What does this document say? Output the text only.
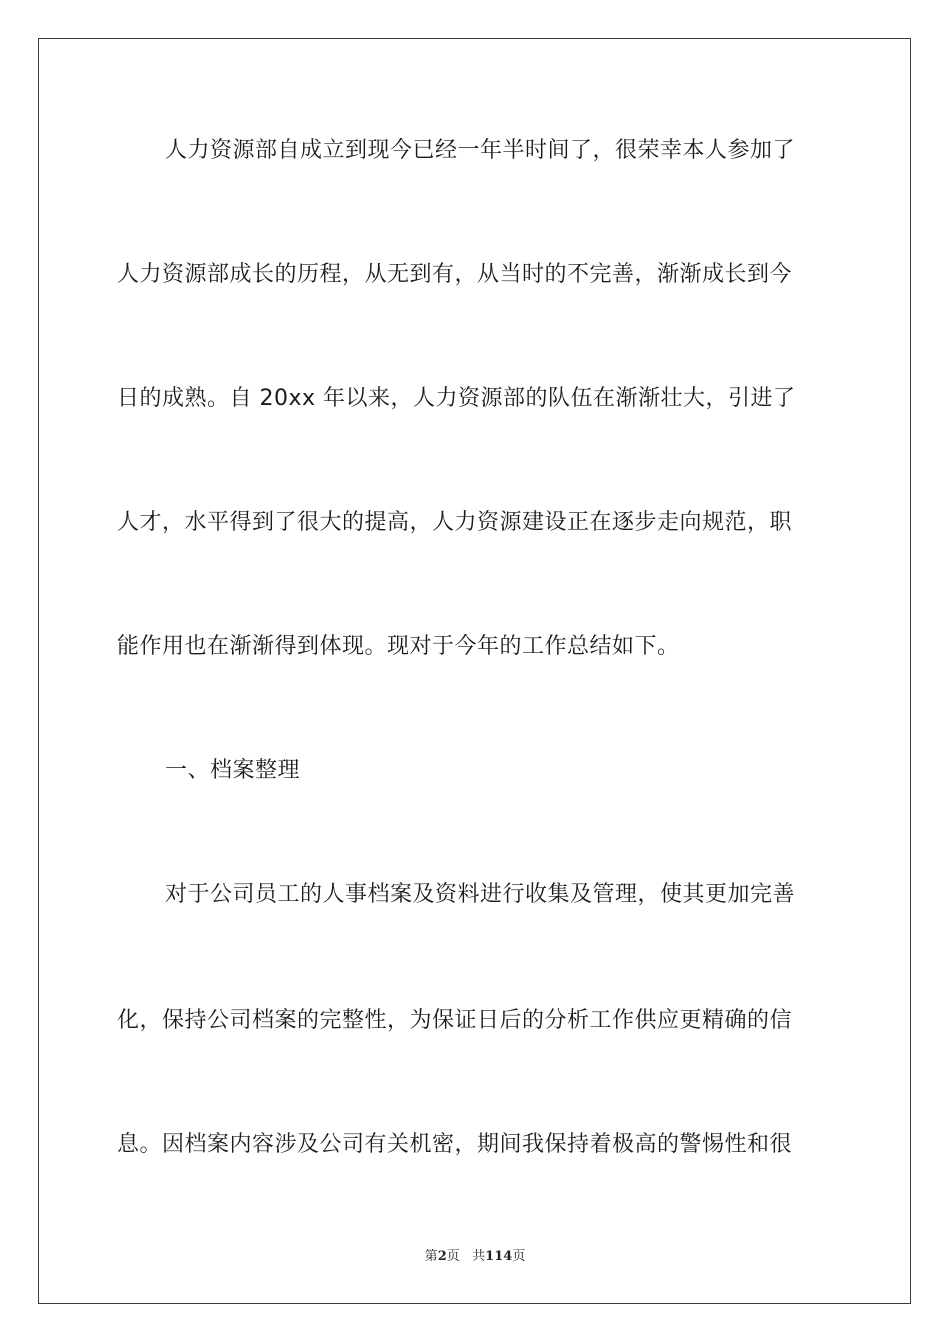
人力资源部自成立到现今已经一年半时间了，很荣幸本人参加了
人力资源部成长的历程，从无到有，从当时的不完善，渐渐成长到今
日的成熟。自 20xx 年以来，人力资源部的队伍在渐渐壮大，引进了
人才，水平得到了很大的提高，人力资源建设正在逐步走向规范，职
能作用也在渐渐得到体现。现对于今年的工作总结如下。
一、档案整理
对于公司员工的人事档案及资料进行收集及管理，使其更加完善
化，保持公司档案的完整性，为保证日后的分析工作供应更精确的信
息。因档案内容涉及公司有关机密，期间我保持着极高的警惕性和很
第2页 共114页
